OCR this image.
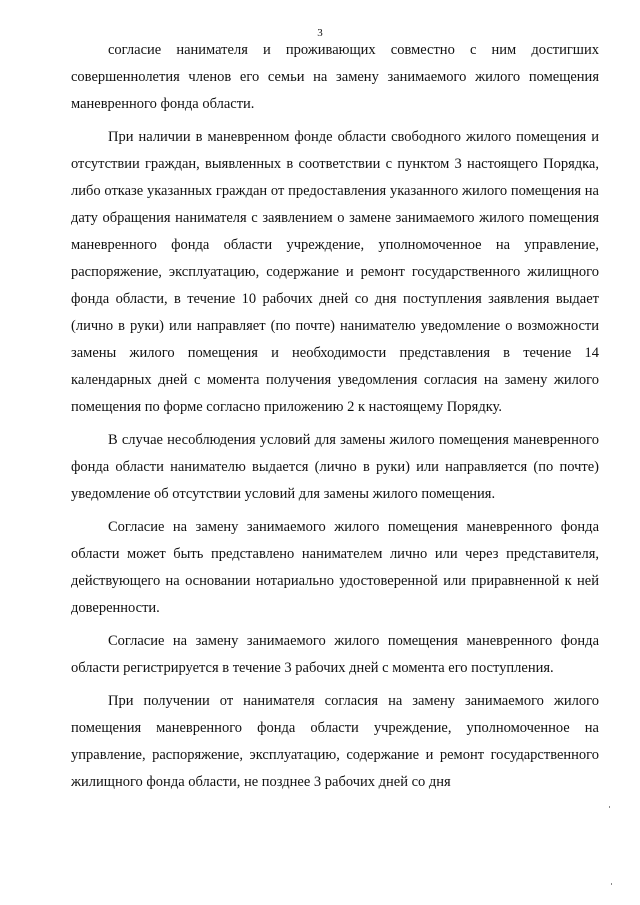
3

согласие нанимателя и проживающих совместно с ним достигших совершеннолетия членов его семьи на замену занимаемого жилого помещения маневренного фонда области.

При наличии в маневренном фонде области свободного жилого помещения и отсутствии граждан, выявленных в соответствии с пунктом 3 настоящего Порядка, либо отказе указанных граждан от предоставления указанного жилого помещения на дату обращения нанимателя с заявлением о замене занимаемого жилого помещения маневренного фонда области учреждение, уполномоченное на управление, распоряжение, эксплуатацию, содержание и ремонт государственного жилищного фонда области, в течение 10 рабочих дней со дня поступления заявления выдает (лично в руки) или направляет (по почте) нанимателю уведомление о возможности замены жилого помещения и необходимости представления в течение 14 календарных дней с момента получения уведомления согласия на замену жилого помещения по форме согласно приложению 2 к настоящему Порядку.

В случае несоблюдения условий для замены жилого помещения маневренного фонда области нанимателю выдается (лично в руки) или направляется (по почте) уведомление об отсутствии условий для замены жилого помещения.

Согласие на замену занимаемого жилого помещения маневренного фонда области может быть представлено нанимателем лично или через представителя, действующего на основании нотариально удостоверенной или приравненной к ней доверенности.

Согласие на замену занимаемого жилого помещения маневренного фонда области регистрируется в течение 3 рабочих дней с момента его поступления.

При получении от нанимателя согласия на замену занимаемого жилого помещения маневренного фонда области учреждение, уполномоченное на управление, распоряжение, эксплуатацию, содержание и ремонт государственного жилищного фонда области, не позднее 3 рабочих дней со дня
